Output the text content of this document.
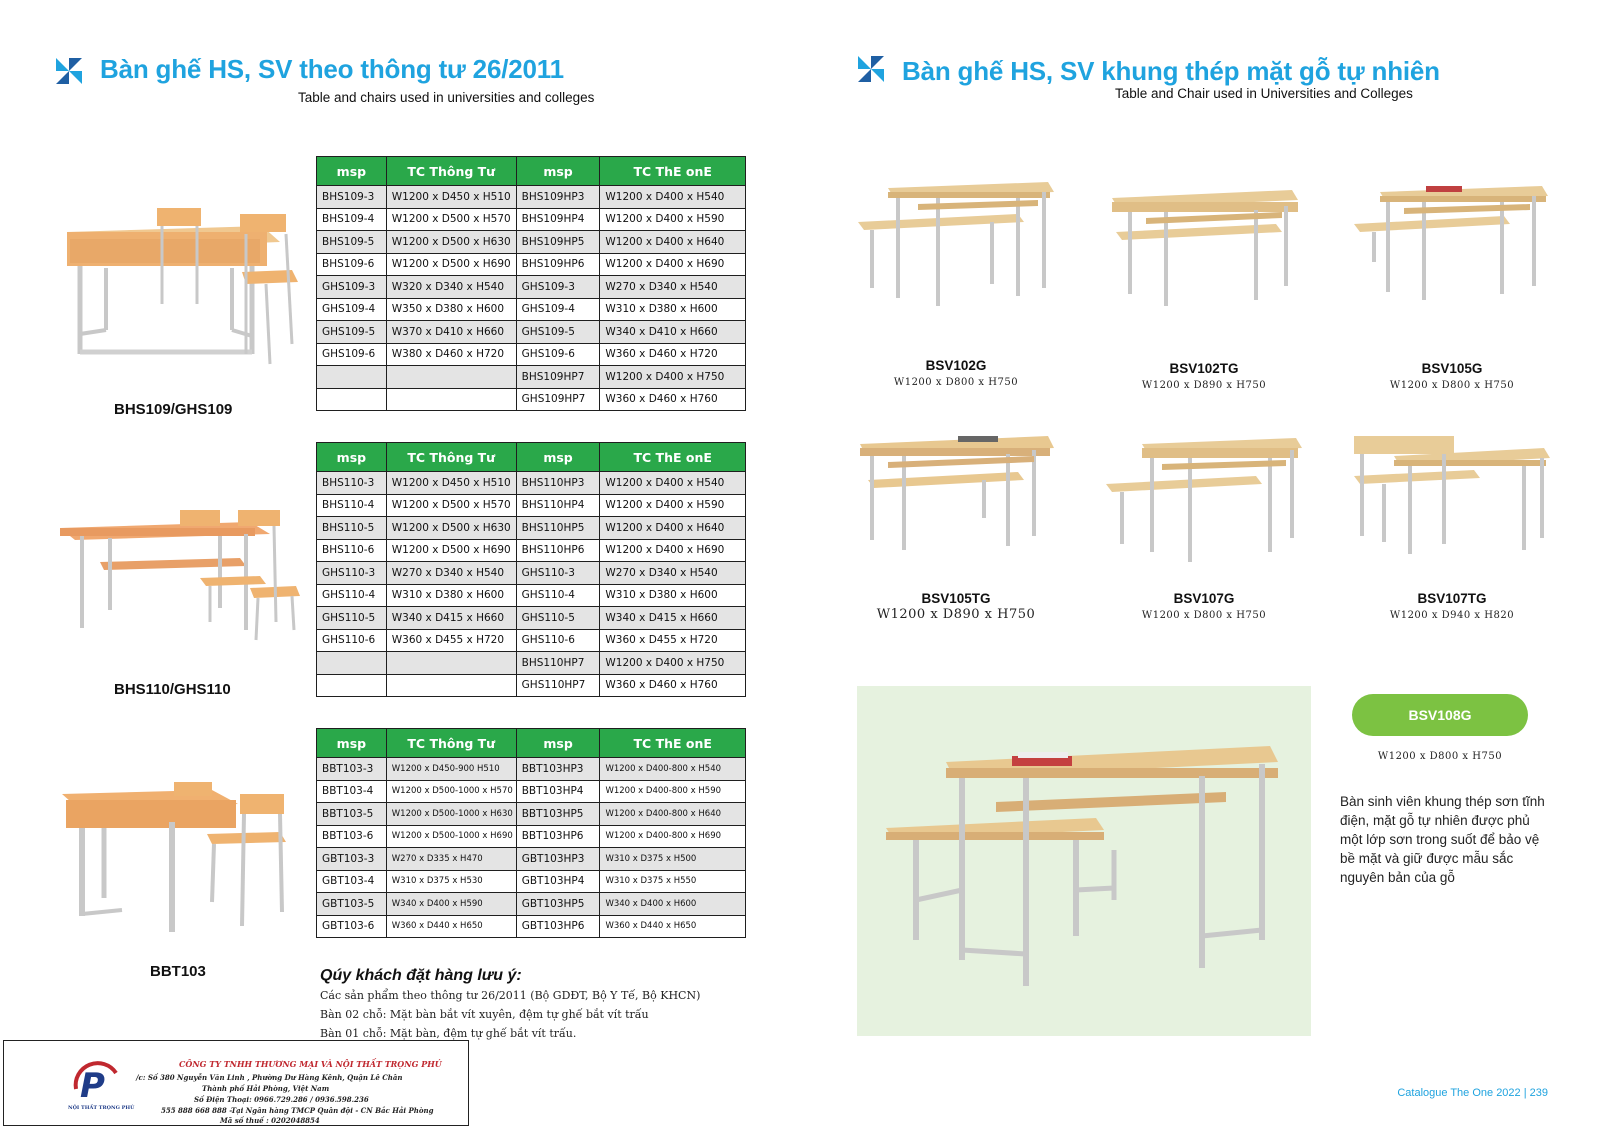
Bàn ghế HS, SV theo thông tư 26/2011
Table and chairs used in universities and colleges
Bàn ghế HS, SV khung thép mặt gỗ tự nhiên
Table and Chair used in Universities and Colleges
BHS109/GHS109
BHS110/GHS110
BBT103
msp	TC Thông Tư	msp	TC ThE onE
BHS109-3	W1200 x D450 x H510	BHS109HP3	W1200 x D400 x H540
BHS109-4	W1200 x D500 x H570	BHS109HP4	W1200 x D400 x H590
BHS109-5	W1200 x D500 x H630	BHS109HP5	W1200 x D400 x H640
BHS109-6	W1200 x D500 x H690	BHS109HP6	W1200 x D400 x H690
GHS109-3	W320 x D340 x H540	GHS109-3	W270 x D340 x H540
GHS109-4	W350 x D380 x H600	GHS109-4	W310 x D380 x H600
GHS109-5	W370 x D410 x H660	GHS109-5	W340 x D410 x H660
GHS109-6	W380 x D460 x H720	GHS109-6	W360 x D460 x H720
		BHS109HP7	W1200 x D400 x H750
		GHS109HP7	W360 x D460 x H760
msp	TC Thông Tư	msp	TC ThE onE
BHS110-3	W1200 x D450 x H510	BHS110HP3	W1200 x D400 x H540
BHS110-4	W1200 x D500 x H570	BHS110HP4	W1200 x D400 x H590
BHS110-5	W1200 x D500 x H630	BHS110HP5	W1200 x D400 x H640
BHS110-6	W1200 x D500 x H690	BHS110HP6	W1200 x D400 x H690
GHS110-3	W270 x D340 x H540	GHS110-3	W270 x D340 x H540
GHS110-4	W310 x D380 x H600	GHS110-4	W310 x D380 x H600
GHS110-5	W340 x D415 x H660	GHS110-5	W340 x D415 x H660
GHS110-6	W360 x D455 x H720	GHS110-6	W360 x D455 x H720
		BHS110HP7	W1200 x D400 x H750
		GHS110HP7	W360 x D460 x H760
msp	TC Thông Tư	msp	TC ThE onE
BBT103-3	W1200 x D450-900 H510	BBT103HP3	W1200 x D400-800 x H540
BBT103-4	W1200 x D500-1000 x H570	BBT103HP4	W1200 x D400-800 x H590
BBT103-5	W1200 x D500-1000 x H630	BBT103HP5	W1200 x D400-800 x H640
BBT103-6	W1200 x D500-1000 x H690	BBT103HP6	W1200 x D400-800 x H690
GBT103-3	W270 x D335 x H470	GBT103HP3	W310 x D375 x H500
GBT103-4	W310 x D375 x H530	GBT103HP4	W310 x D375 x H550
GBT103-5	W340 x D400 x H590	GBT103HP5	W340 x D400 x H600
GBT103-6	W360 x D440 x H650	GBT103HP6	W360 x D440 x H650
Qúy khách đặt hàng lưu ý:
Các sản phẩm theo thông tư 26/2011 (Bộ GDĐT, Bộ Y Tế, Bộ KHCN)
Bàn 02 chỗ: Mặt bàn bắt vít xuyên, đệm tự ghế bắt vít trấu
Bàn 01 chỗ: Mặt bàn, đệm tự ghế bắt vít trấu.
BSV102G
W1200 x D800 x H750
BSV102TG
W1200 x D890 x H750
BSV105G
W1200 x D800 x H750
BSV105TG
W1200 x D890 x H750
BSV107G
W1200 x D800 x H750
BSV107TG
W1200 x D940 x H820
BSV108G
W1200 x D800 x H750
Bàn sinh viên khung thép sơn tĩnh điện, mặt gỗ tự nhiên được phủ một lớp sơn trong suốt để bảo vệ bề mặt và giữ được mẫu sắc nguyên bản của gỗ
P
NỘI THẤT TRỌNG PHÚ
CÔNG TY TNHH THƯƠNG MẠI VÀ NỘI THẤT TRỌNG PHÚ
/c: Số 380 Nguyễn Văn Linh , Phường Dư Hàng Kênh, Quận Lê Chân
Thành phố Hải Phòng, Việt Nam
Số Điện Thoại: 0966.729.286 / 0936.598.236
555 888 668 888 -Tại Ngân hàng TMCP Quân đội - CN Bắc Hải Phòng
Mã số thuế : 0202048854
Catalogue The One 2022 | 239
